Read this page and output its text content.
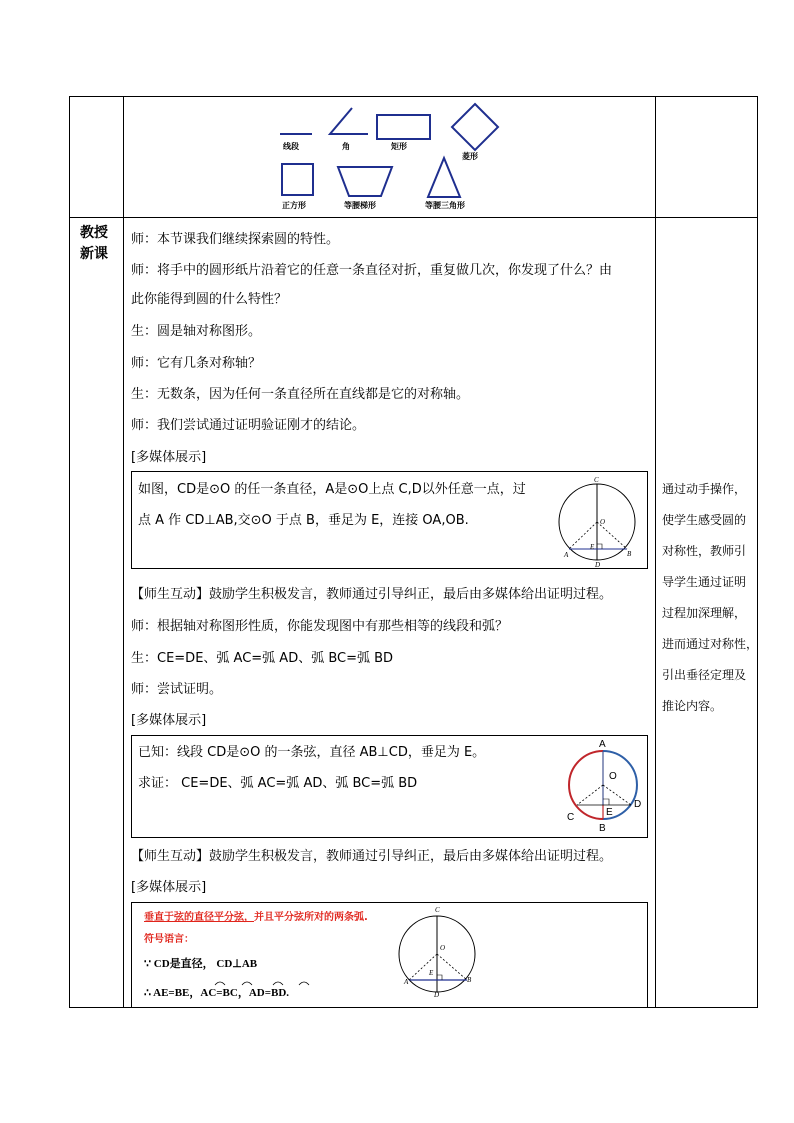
教授
新课
线段	角	矩形
菱形
正方形	等腰梯形	等腰三角形
师：本节课我们继续探索圆的特性。
师：将手中的圆形纸片沿着它的任意一条直径对折，重复做几次，你发现了什么？由
此你能得到圆的什么特性？
生：圆是轴对称图形。
师：它有几条对称轴？
生：无数条，因为任何一条直径所在直线都是它的对称轴。
师：我们尝试通过证明验证刚才的结论。
[多媒体展示]
如图，CD是⊙O 的任一条直径，A是⊙O上点 C,D以外任意一点，过
点 A 作 CD⊥AB,交⊙O 于点 B，垂足为 E，连接 OA,OB.
C
O
A
E
B
D
【师生互动】鼓励学生积极发言，教师通过引导纠正，最后由多媒体给出证明过程。
师：根据轴对称图形性质，你能发现图中有那些相等的线段和弧？
生：CE=DE、弧 AC=弧 AD、弧 BC=弧 BD
师：尝试证明。
[多媒体展示]
已知：线段 CD是⊙O 的一条弦，直径 AB⊥CD，垂足为 E。
求证： CE=DE、弧 AC=弧 AD、弧 BC=弧 BD
A
O
E
D
C
B
【师生互动】鼓励学生积极发言，教师通过引导纠正，最后由多媒体给出证明过程。
[多媒体展示]
垂直于弦的直径平分弦，并且平分弦所对的两条弧.
符号语言：
∵ CD是直径， CD⊥AB
∴ AE=BE，AC=BC，AD=BD.
C
O
A
E
B
D
通过动手操作，
使学生感受圆的
对称性，教师引
导学生通过证明
过程加深理解，
进而通过对称性，
引出垂径定理及
推论内容。
